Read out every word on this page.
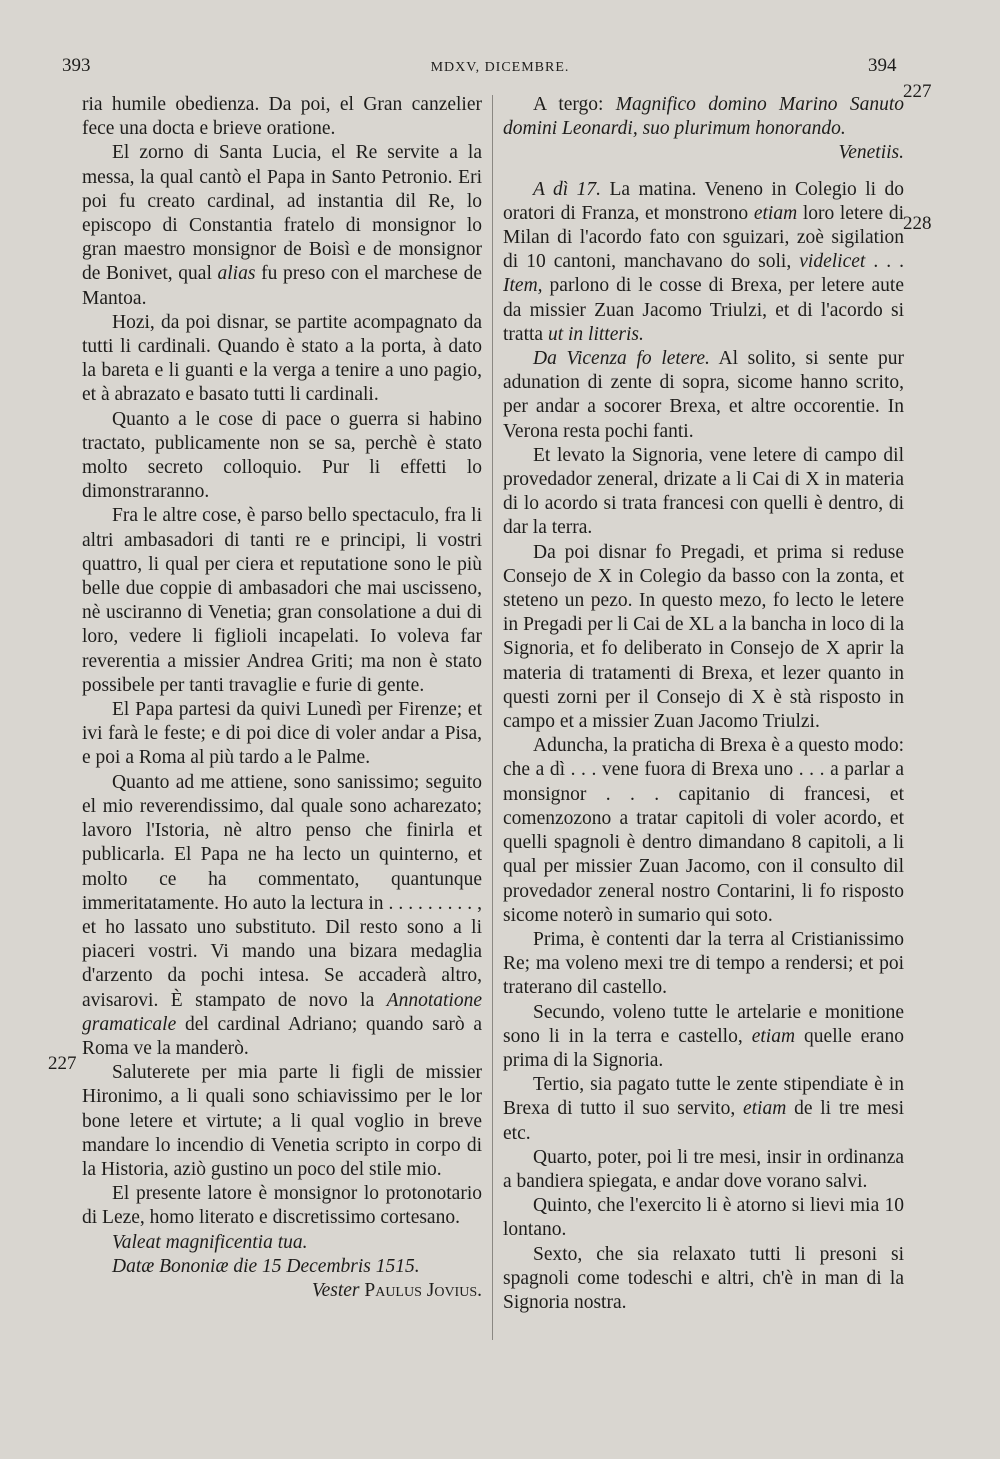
393	MDXV, DICEMBRE.	394
227
227
228

ria humile obedienza. Da poi, el Gran canzelier fece una docta e brieve oratione.

El zorno di Santa Lucia, el Re servite a la messa, la qual cantò el Papa in Santo Petronio. Eri poi fu creato cardinal, ad instantia dil Re, lo episcopo di Constantia fratelo di monsignor lo gran maestro monsignor de Boisì e de monsignor de Bonivet, qual alias fu preso con el marchese de Mantoa.

Hozi, da poi disnar, se partite acompagnato da tutti li cardinali. Quando è stato a la porta, à dato la bareta e li guanti e la verga a tenire a uno pagio, et à abrazato e basato tutti li cardinali.

Quanto a le cose di pace o guerra si habino tractato, publicamente non se sa, perchè è stato molto secreto colloquio. Pur li effetti lo dimonstraranno.

Fra le altre cose, è parso bello spectaculo, fra li altri ambasadori di tanti re e principi, li vostri quattro, li qual per ciera et reputatione sono le più belle due coppie di ambasadori che mai uscisseno, nè usciranno di Venetia; gran consolatione a dui di loro, vedere li figlioli incapelati. Io voleva far reverentia a missier Andrea Griti; ma non è stato possibele per tanti travaglie e furie di gente.

El Papa partesi da quivi Lunedì per Firenze; et ivi farà le feste; e di poi dice di voler andar a Pisa, e poi a Roma al più tardo a le Palme.

Quanto ad me attiene, sono sanissimo; seguito el mio reverendissimo, dal quale sono acharezato; lavoro l'Istoria, nè altro penso che finirla et publicarla. El Papa ne ha lecto un quinterno, et molto ce ha commentato, quantunque immeritatamente. Ho auto la lectura in . . . . . . . . . , et ho lassato uno substituto. Dil resto sono a li piaceri vostri. Vi mando una bizara medaglia d'arzento da pochi intesa. Se accaderà altro, avisarovi. È stampato de novo la Annotatione gramaticale del cardinal Adriano; quando sarò a Roma ve la manderò.

Saluterete per mia parte li figli de missier Hironimo, a li quali sono schiavissimo per le lor bone letere et virtute; a li qual voglio in breve mandare lo incendio di Venetia scripto in corpo di la Historia, aziò gustino un poco del stile mio.

El presente latore è monsignor lo protonotario di Leze, homo literato e discretissimo cortesano.

Valeat magnificentia tua.

Datæ Bononiæ die 15 Decembris 1515.

Vester Paulus Jovius.

A tergo: Magnifico domino Marino Sanuto domini Leonardi, suo plurimum honorando.

Venetiis.

A dì 17. La matina. Veneno in Colegio li do oratori di Franza, et monstrono etiam loro letere di Milan di l'acordo fato con sguizari, zoè sigilation di 10 cantoni, manchavano do soli, videlicet . . . Item, parlono di le cosse di Brexa, per letere aute da missier Zuan Jacomo Triulzi, et di l'acordo si tratta ut in litteris.

Da Vicenza fo letere. Al solito, si sente pur adunation di zente di sopra, sicome hanno scrito, per andar a socorer Brexa, et altre occorentie. In Verona resta pochi fanti.

Et levato la Signoria, vene letere di campo dil provedador zeneral, drizate a li Cai di X in materia di lo acordo si trata francesi con quelli è dentro, di dar la terra.

Da poi disnar fo Pregadi, et prima si reduse Consejo de X in Colegio da basso con la zonta, et steteno un pezo. In questo mezo, fo lecto le letere in Pregadi per li Cai de XL a la bancha in loco di la Signoria, et fo deliberato in Consejo de X aprir la materia di tratamenti di Brexa, et lezer quanto in questi zorni per il Consejo di X è stà risposto in campo et a missier Zuan Jacomo Triulzi.

Aduncha, la praticha di Brexa è a questo modo: che a dì . . . vene fuora di Brexa uno . . . a parlar a monsignor . . . capitanio di francesi, et comenzozono a tratar capitoli di voler acordo, et quelli spagnoli è dentro dimandano 8 capitoli, a li qual per missier Zuan Jacomo, con il consulto dil provedador zeneral nostro Contarini, li fo risposto sicome noterò in sumario qui soto.

Prima, è contenti dar la terra al Cristianissimo Re; ma voleno mexi tre di tempo a rendersi; et poi traterano dil castello.

Secundo, voleno tutte le artelarie e monitione sono li in la terra e castello, etiam quelle erano prima di la Signoria.

Tertio, sia pagato tutte le zente stipendiate è in Brexa di tutto il suo servito, etiam de li tre mesi etc.

Quarto, poter, poi li tre mesi, insir in ordinanza a bandiera spiegata, e andar dove vorano salvi.

Quinto, che l'exercito li è atorno si lievi mia 10 lontano.

Sexto, che sia relaxato tutti li presoni si spagnoli come todeschi e altri, ch'è in man di la Signoria nostra.
